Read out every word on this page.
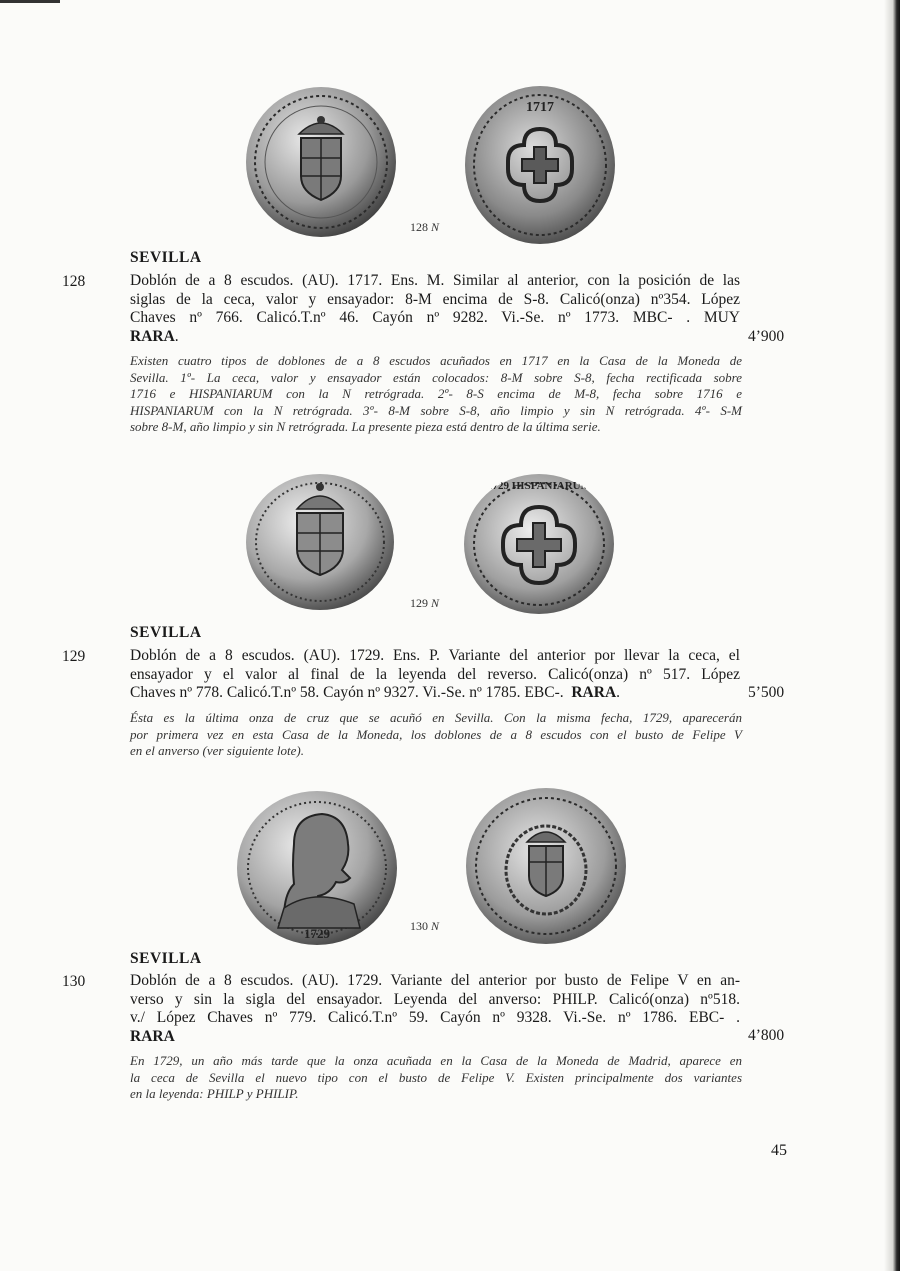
1717
128 N
SEVILLA
128	Doblón de a 8 escudos. (AU). 1717. Ens. M. Similar al anterior, con la posición de las
siglas de la ceca, valor y ensayador: 8-M encima de S-8. Calicó(onza) nº354. López
Chaves nº 766. Calicó.T.nº 46. Cayón nº 9282. Vi.-Se. nº 1773. MBC- . MUY
RARA.	4’900
Existen cuatro tipos de doblones de a 8 escudos acuñados en 1717 en la Casa de la Moneda de
Sevilla. 1º- La ceca, valor y ensayador están colocados: 8-M sobre S-8, fecha rectificada sobre
1716 e HISPANIARUM con la N retrógrada. 2º- 8-S encima de M-8, fecha sobre 1716 e
HISPANIARUM con la N retrógrada. 3º- 8-M sobre S-8, año limpio y sin N retrógrada. 4º- S-M
sobre 8-M, año limpio y sin N retrógrada. La presente pieza está dentro de la última serie.
1729 HISPANIARUM
129 N
SEVILLA
129	Doblón de a 8 escudos. (AU). 1729. Ens. P. Variante del anterior por llevar la ceca, el
ensayador y el valor al final de la leyenda del reverso. Calicó(onza) nº 517. López
Chaves nº 778. Calicó.T.nº 58. Cayón nº 9327. Vi.-Se. nº 1785. EBC-. RARA.	5’500
Ésta es la última onza de cruz que se acuñó en Sevilla. Con la misma fecha, 1729, aparecerán
por primera vez en esta Casa de la Moneda, los doblones de a 8 escudos con el busto de Felipe V
en el anverso (ver siguiente lote).
1729	130 N
SEVILLA
130	Doblón de a 8 escudos. (AU). 1729. Variante del anterior por busto de Felipe V en an-
verso y sin la sigla del ensayador. Leyenda del anverso: PHILP. Calicó(onza) nº518.
v./ López Chaves nº 779. Calicó.T.nº 59. Cayón nº 9328. Vi.-Se. nº 1786. EBC- .
RARA	4’800
En 1729, un año más tarde que la onza acuñada en la Casa de la Moneda de Madrid, aparece en
la ceca de Sevilla el nuevo tipo con el busto de Felipe V. Existen principalmente dos variantes
en la leyenda: PHILP y PHILIP.
45
